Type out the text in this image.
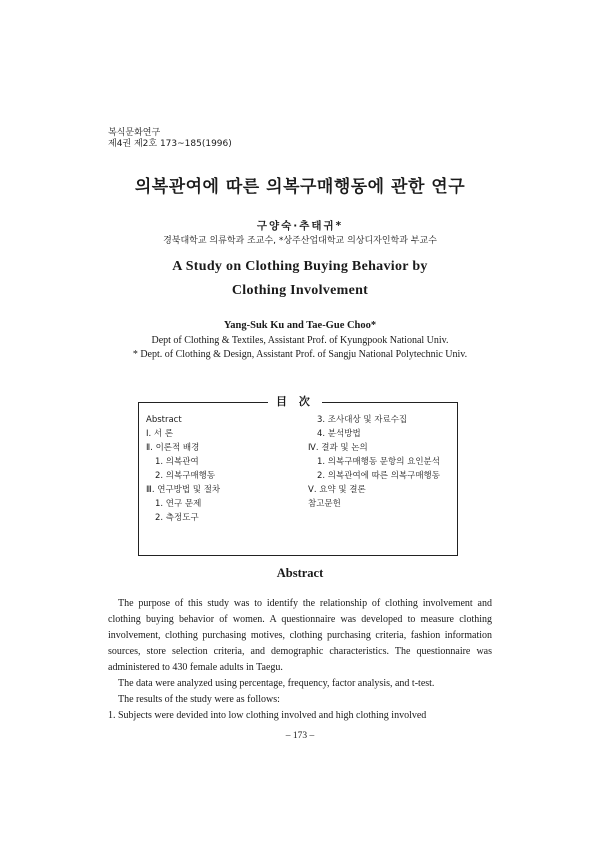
복식문화연구
제4권 제2호 173~185(1996)
의복관여에 따른 의복구매행동에 관한 연구
구양숙·추태귀*
경북대학교 의류학과 조교수, *상주산업대학교 의상디자인학과 부교수
A Study on Clothing Buying Behavior by
Clothing Involvement
Yang-Suk Ku and Tae-Gue Choo*
Dept of Clothing & Textiles, Assistant Prof. of Kyungpook National Univ.
* Dept. of Clothing & Design, Assistant Prof. of Sangju National Polytechnic Univ.
目 次
Abstract
Ⅰ. 서 론
Ⅱ. 이론적 배경
1. 의복관여
2. 의복구매행동
Ⅲ. 연구방법 및 절차
1. 연구 문제
2. 측정도구
3. 조사대상 및 자료수집
4. 분석방법
Ⅳ. 결과 및 논의
1. 의복구매행동 문항의 요인분석
2. 의복관여에 따른 의복구매행동
Ⅴ. 요약 및 결론
참고문헌
Abstract

The purpose of this study was to identify the relationship of clothing involvement and clothing buying behavior of women. A questionnaire was developed to measure clothing involvement, clothing purchasing motives, clothing purchasing criteria, fashion information sources, store selection criteria, and demographic characteristics. The questionnaire was administered to 430 female adults in Taegu.

The data were analyzed using percentage, frequency, factor analysis, and t-test.

The results of the study were as follows:

1. Subjects were devided into low clothing involved and high clothing involved

– 173 –
